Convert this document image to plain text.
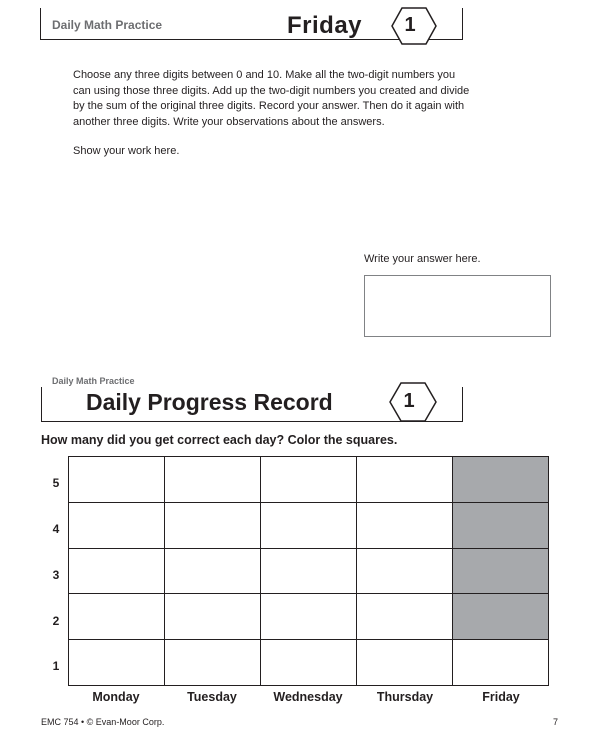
Daily Math Practice	Friday	1
Choose any three digits between 0 and 10. Make all the two-digit numbers you can using those three digits. Add up the two-digit numbers you created and divide by the sum of the original three digits. Record your answer. Then do it again with another three digits. Write your observations about the answers.
Show your work here.
Write your answer here.
Daily Math Practice
Daily Progress Record	1
How many did you get correct each day? Color the squares.
5
4
3
2
1
Monday	Tuesday	Wednesday	Thursday	Friday
EMC 754 • © Evan-Moor Corp.	7
